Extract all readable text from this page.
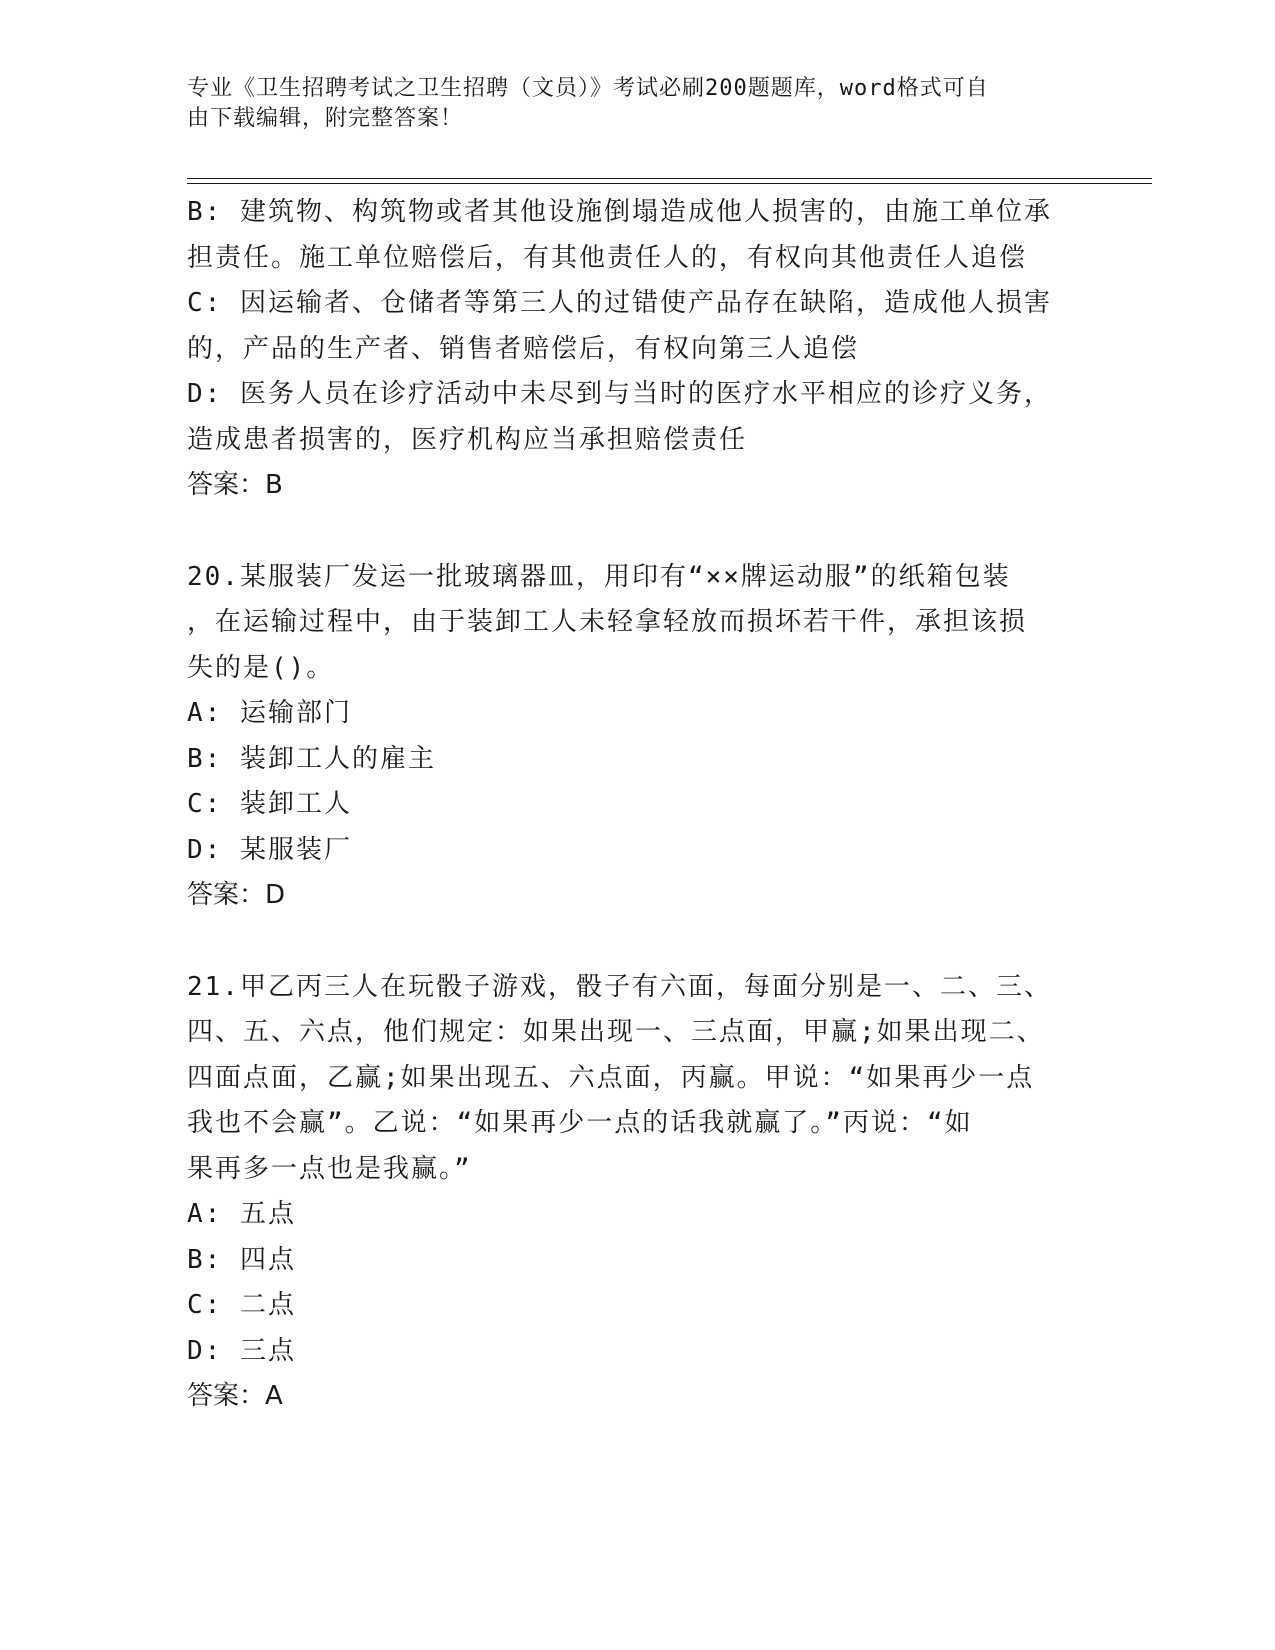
专业《卫生招聘考试之卫生招聘（文员）》考试必刷200题题库，word格式可自
由下载编辑，附完整答案！
B: 建筑物、构筑物或者其他设施倒塌造成他人损害的，由施工单位承
担责任。施工单位赔偿后，有其他责任人的，有权向其他责任人追偿
C: 因运输者、仓储者等第三人的过错使产品存在缺陷，造成他人损害
的，产品的生产者、销售者赔偿后，有权向第三人追偿
D: 医务人员在诊疗活动中未尽到与当时的医疗水平相应的诊疗义务，
造成患者损害的，医疗机构应当承担赔偿责任
答案：B
20.某服装厂发运一批玻璃器皿，用印有“××牌运动服”的纸箱包装
，在运输过程中，由于装卸工人未轻拿轻放而损坏若干件，承担该损
失的是()。
A: 运输部门
B: 装卸工人的雇主
C: 装卸工人
D: 某服装厂
答案：D
21.甲乙丙三人在玩骰子游戏，骰子有六面，每面分别是一、二、三、
四、五、六点，他们规定：如果出现一、三点面，甲赢;如果出现二、
四面点面，乙赢;如果出现五、六点面，丙赢。甲说：“如果再少一点
我也不会赢”。乙说：“如果再少一点的话我就赢了。”丙说：“如
果再多一点也是我赢。”
A: 五点
B: 四点
C: 二点
D: 三点
答案：A
